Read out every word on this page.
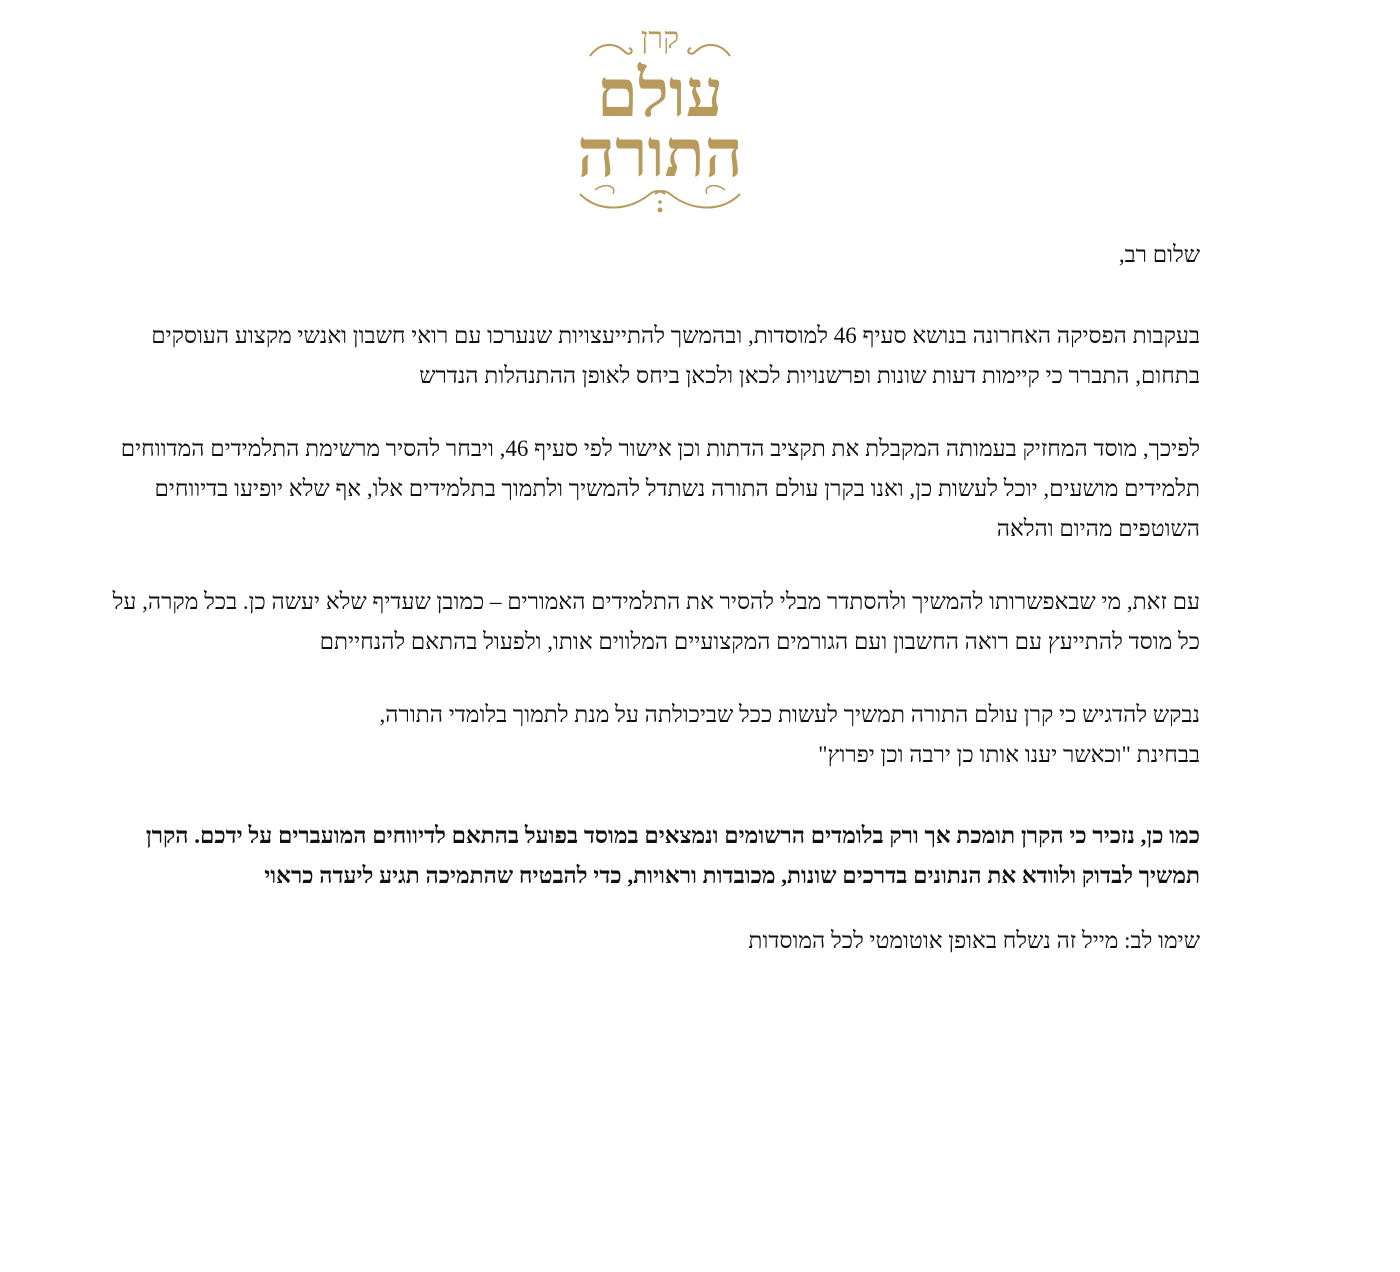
קרן
עולם
התורה

שלום רב,

בעקבות הפסיקה האחרונה בנושא סעיף 46 למוסדות, ובהמשך להתייעצויות שנערכו עם רואי חשבון ואנשי מקצוע העוסקים בתחום, התברר כי קיימות דעות שונות ופרשנויות לכאן ולכאן ביחס לאופן ההתנהלות הנדרש

לפיכך, מוסד המחזיק בעמותה המקבלת את תקציב הדתות וכן אישור לפי סעיף 46, ויבחר להסיר מרשימת התלמידים המדווחים תלמידים מושעים, יוכל לעשות כן, ואנו בקרן עולם התורה נשתדל להמשיך ולתמוך בתלמידים אלו, אף שלא יופיעו בדיווחים השוטפים מהיום והלאה

עם זאת, מי שבאפשרותו להמשיך ולהסתדר מבלי להסיר את התלמידים האמורים – כמובן שעדיף שלא יעשה כן. בכל מקרה, על כל מוסד להתייעץ עם רואה החשבון ועם הגורמים המקצועיים המלווים אותו, ולפעול בהתאם להנחייתם

נבקש להדגיש כי קרן עולם התורה תמשיך לעשות ככל שביכולתה על מנת לתמוך בלומדי התורה,

בבחינת "וכאשר יענו אותו כן ירבה וכן יפרוץ"

כמו כן, נזכיר כי הקרן תומכת אך ורק בלומדים הרשומים ונמצאים במוסד בפועל בהתאם לדיווחים המועברים על ידכם. הקרן תמשיך לבדוק ולוודא את הנתונים בדרכים שונות, מכובדות וראויות, כדי להבטיח שהתמיכה תגיע ליעדה כראוי

שימו לב: מייל זה נשלח באופן אוטומטי לכל המוסדות
